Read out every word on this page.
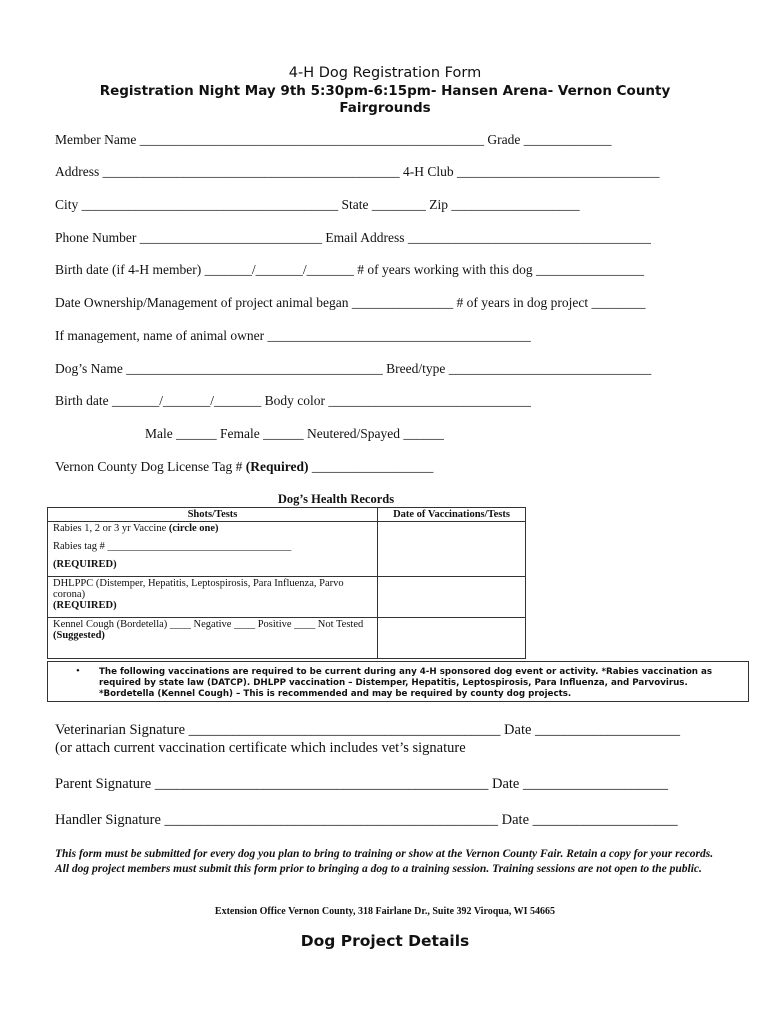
4-H Dog Registration Form
Registration Night May 9th 5:30pm-6:15pm- Hansen Arena- Vernon County Fairgrounds
Member Name ___________________________________________________ Grade _____________
Address ____________________________________________ 4-H Club ______________________________
City ______________________________________ State ________ Zip ___________________
Phone Number ___________________________ Email Address ____________________________________
Birth date (if 4-H member) _______/_______/_______ # of years working with this dog ________________
Date Ownership/Management of project animal began _______________ # of years in dog project ________
If management, name of animal owner _______________________________________
Dog’s Name ______________________________________ Breed/type ______________________________
Birth date _______/_______/_______ Body color ______________________________
Male ______ Female ______ Neutered/Spayed ______
Vernon County Dog License Tag # (Required) __________________
Dog’s Health Records
Shots/Tests	Date of Vaccinations/Tests

Rabies 1, 2 or 3 yr Vaccine (circle one)
Rabies tag # ___________________________________
(REQUIRED)	

DHLPPC (Distemper, Hepatitis, Leptospirosis, Para Influenza, Parvo corona)
(REQUIRED)	

Kennel Cough (Bordetella) ____ Negative ____ Positive ____ Not Tested
(Suggested)	

• The following vaccinations are required to be current during any 4-H sponsored dog event or activity. *Rabies vaccination as required by state law (DATCP). DHLPP vaccination – Distemper, Hepatitis, Leptospirosis, Para Influenza, and Parvovirus. *Bordetella (Kennel Cough) – This is recommended and may be required by county dog projects.
Veterinarian Signature ___________________________________________ Date ____________________
(or attach current vaccination certificate which includes vet’s signature
Parent Signature ______________________________________________ Date ____________________
Handler Signature ______________________________________________ Date ____________________
This form must be submitted for every dog you plan to bring to training or show at the Vernon County Fair. Retain a copy for your records. All dog project members must submit this form prior to bringing a dog to a training session. Training sessions are not open to the public.
Extension Office Vernon County, 318 Fairlane Dr., Suite 392 Viroqua, WI 54665
Dog Project Details
